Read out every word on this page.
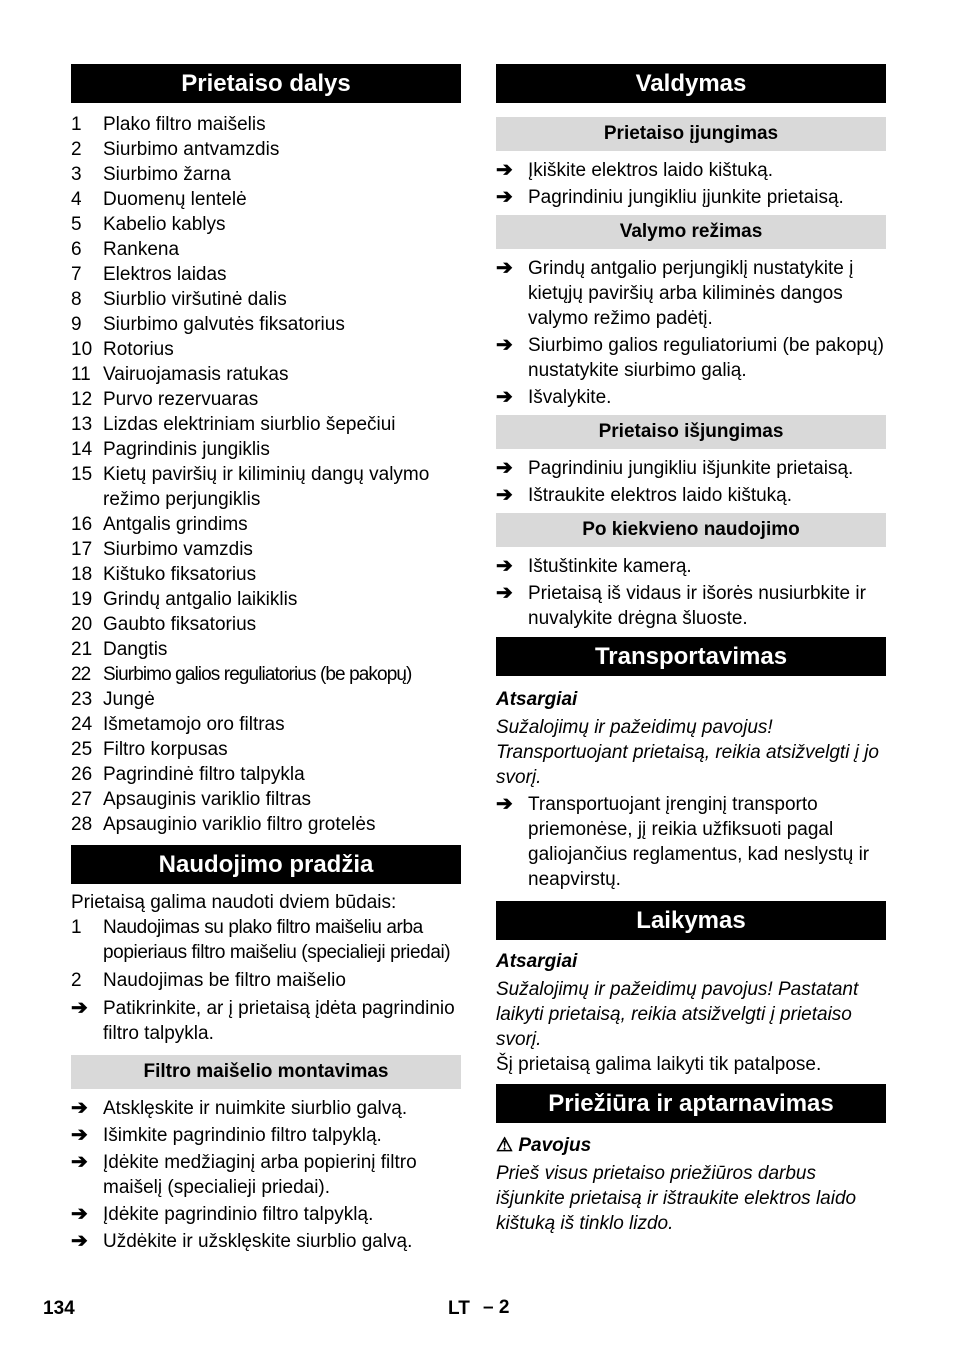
Prietaiso dalys
1 Plako filtro maišelis
2 Siurbimo antvamzdis
3 Siurbimo žarna
4 Duomenų lentelė
5 Kabelio kablys
6 Rankena
7 Elektros laidas
8 Siurblio viršutinė dalis
9 Siurbimo galvutės fiksatorius
10 Rotorius
11 Vairuojamasis ratukas
12 Purvo rezervuaras
13 Lizdas elektriniam siurblio šepečiui
14 Pagrindinis jungiklis
15 Kietų paviršių ir kiliminių dangų valymo režimo perjungiklis
16 Antgalis grindims
17 Siurbimo vamzdis
18 Kištuko fiksatorius
19 Grindų antgalio laikiklis
20 Gaubto fiksatorius
21 Dangtis
22 Siurbimo galios reguliatorius (be pakopų)
23 Jungė
24 Išmetamojo oro filtras
25 Filtro korpusas
26 Pagrindinė filtro talpykla
27 Apsauginis variklio filtras
28 Apsauginio variklio filtro grotelės
Naudojimo pradžia
Prietaisą galima naudoti dviem būdais:
1 Naudojimas su plako filtro maišeliu arba popieriaus filtro maišeliu (specialieji priedai)
2 Naudojimas be filtro maišelio
➔ Patikrinkite, ar į prietaisą įdėta pagrindinio filtro talpykla.
Filtro maišelio montavimas
➔ Atsklęskite ir nuimkite siurblio galvą.
➔ Išimkite pagrindinio filtro talpyklą.
➔ Įdėkite medžiaginį arba popierinį filtro maišelį (specialieji priedai).
➔ Įdėkite pagrindinio filtro talpyklą.
➔ Uždėkite ir užsklęskite siurblio galvą.
Valdymas
Prietaiso įjungimas
➔ Įkiškite elektros laido kištuką.
➔ Pagrindiniu jungikliu įjunkite prietaisą.
Valymo režimas
➔ Grindų antgalio perjungiklį nustatykite į kietųjų paviršių arba kiliminės dangos valymo režimo padėtį.
➔ Siurbimo galios reguliatoriumi (be pakopų) nustatykite siurbimo galią.
➔ Išvalykite.
Prietaiso išjungimas
➔ Pagrindiniu jungikliu išjunkite prietaisą.
➔ Ištraukite elektros laido kištuką.
Po kiekvieno naudojimo
➔ Ištuštinkite kamerą.
➔ Prietaisą iš vidaus ir išorės nusiurbkite ir nuvalykite drėgna šluoste.
Transportavimas
Atsargiai
Sužalojimų ir pažeidimų pavojus! Transportuojant prietaisą, reikia atsižvelgti į jo svorį.
➔ Transportuojant įrenginį transporto priemonėse, jį reikia užfiksuoti pagal galiojančius reglamentus, kad neslystų ir neapvirstų.
Laikymas
Atsargiai
Sužalojimų ir pažeidimų pavojus! Pastatant laikyti prietaisą, reikia atsižvelgti į prietaiso svorį.
Šį prietaisą galima laikyti tik patalpose.
Priežiūra ir aptarnavimas
⚠ Pavojus
Prieš visus prietaiso priežiūros darbus išjunkite prietaisą ir ištraukite elektros laido kištuką iš tinklo lizdo.
134	LT – 2
